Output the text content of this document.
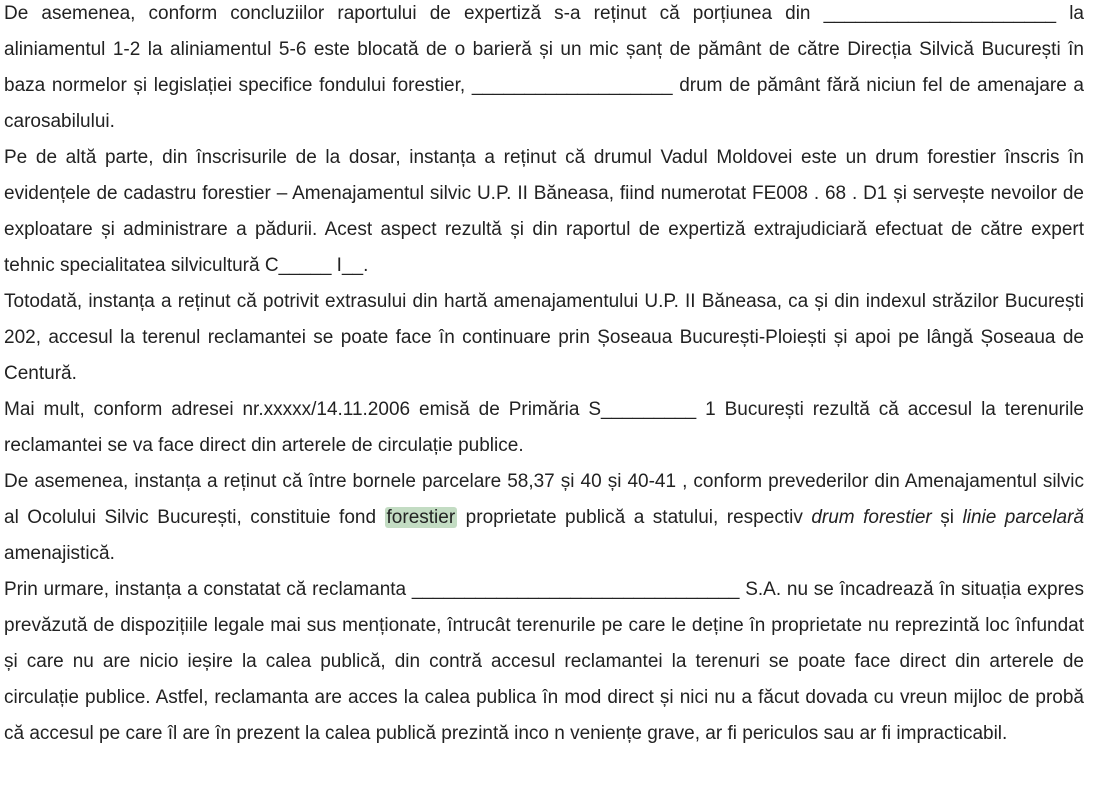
De asemenea, conform concluziilor raportului de expertiză s-a reținut că porțiunea din ______________________ la aliniamentul 1-2 la aliniamentul 5-6 este blocată de o barieră și un mic șanț de pământ de către Direcția Silvică București în baza normelor și legislației specifice fondului forestier, ___________________ drum de pământ fără niciun fel de amenajare a carosabilului.

Pe de altă parte, din înscrisurile de la dosar, instanța a reținut că drumul Vadul Moldovei este un drum forestier înscris în evidențele de cadastru forestier – Amenajamentul silvic U.P. II Băneasa, fiind numerotat FE008 . 68 . D1 și servește nevoilor de exploatare și administrare a pădurii. Acest aspect rezultă și din raportul de expertiză extrajudiciară efectuat de către expert tehnic specialitatea silvicultură C_____ I__.

Totodată, instanța a reținut că potrivit extrasului din hartă amenajamentului U.P. II Băneasa, ca și din indexul străzilor București 202, accesul la terenul reclamantei se poate face în continuare prin Șoseaua București-Ploiești și apoi pe lângă Șoseaua de Centură.

Mai mult, conform adresei nr.xxxxx/14.11.2006 emisă de Primăria S_________ 1 București rezultă că accesul la terenurile reclamantei se va face direct din arterele de circulație publice.

De asemenea, instanța a reținut că între bornele parcelare 58,37 și 40 și 40-41 , conform prevederilor din Amenajamentul silvic al Ocolului Silvic București, constituie fond forestier proprietate publică a statului, respectiv drum forestier și linie parcelară amenajistică.

Prin urmare, instanța a constatat că reclamanta _______________________________ S.A. nu se încadrează în situația expres prevăzută de dispozițiile legale mai sus menționate, întrucât terenurile pe care le deține în proprietate nu reprezintă loc înfundat și care nu are nicio ieșire la calea publică, din contră accesul reclamantei la terenuri se poate face direct din arterele de circulație publice. Astfel, reclamanta are acces la calea publica în mod direct și nici nu a făcut dovada cu vreun mijloc de probă că accesul pe care îl are în prezent la calea publică prezintă inco n veniențe grave, ar fi periculos sau ar fi impracticabil.
